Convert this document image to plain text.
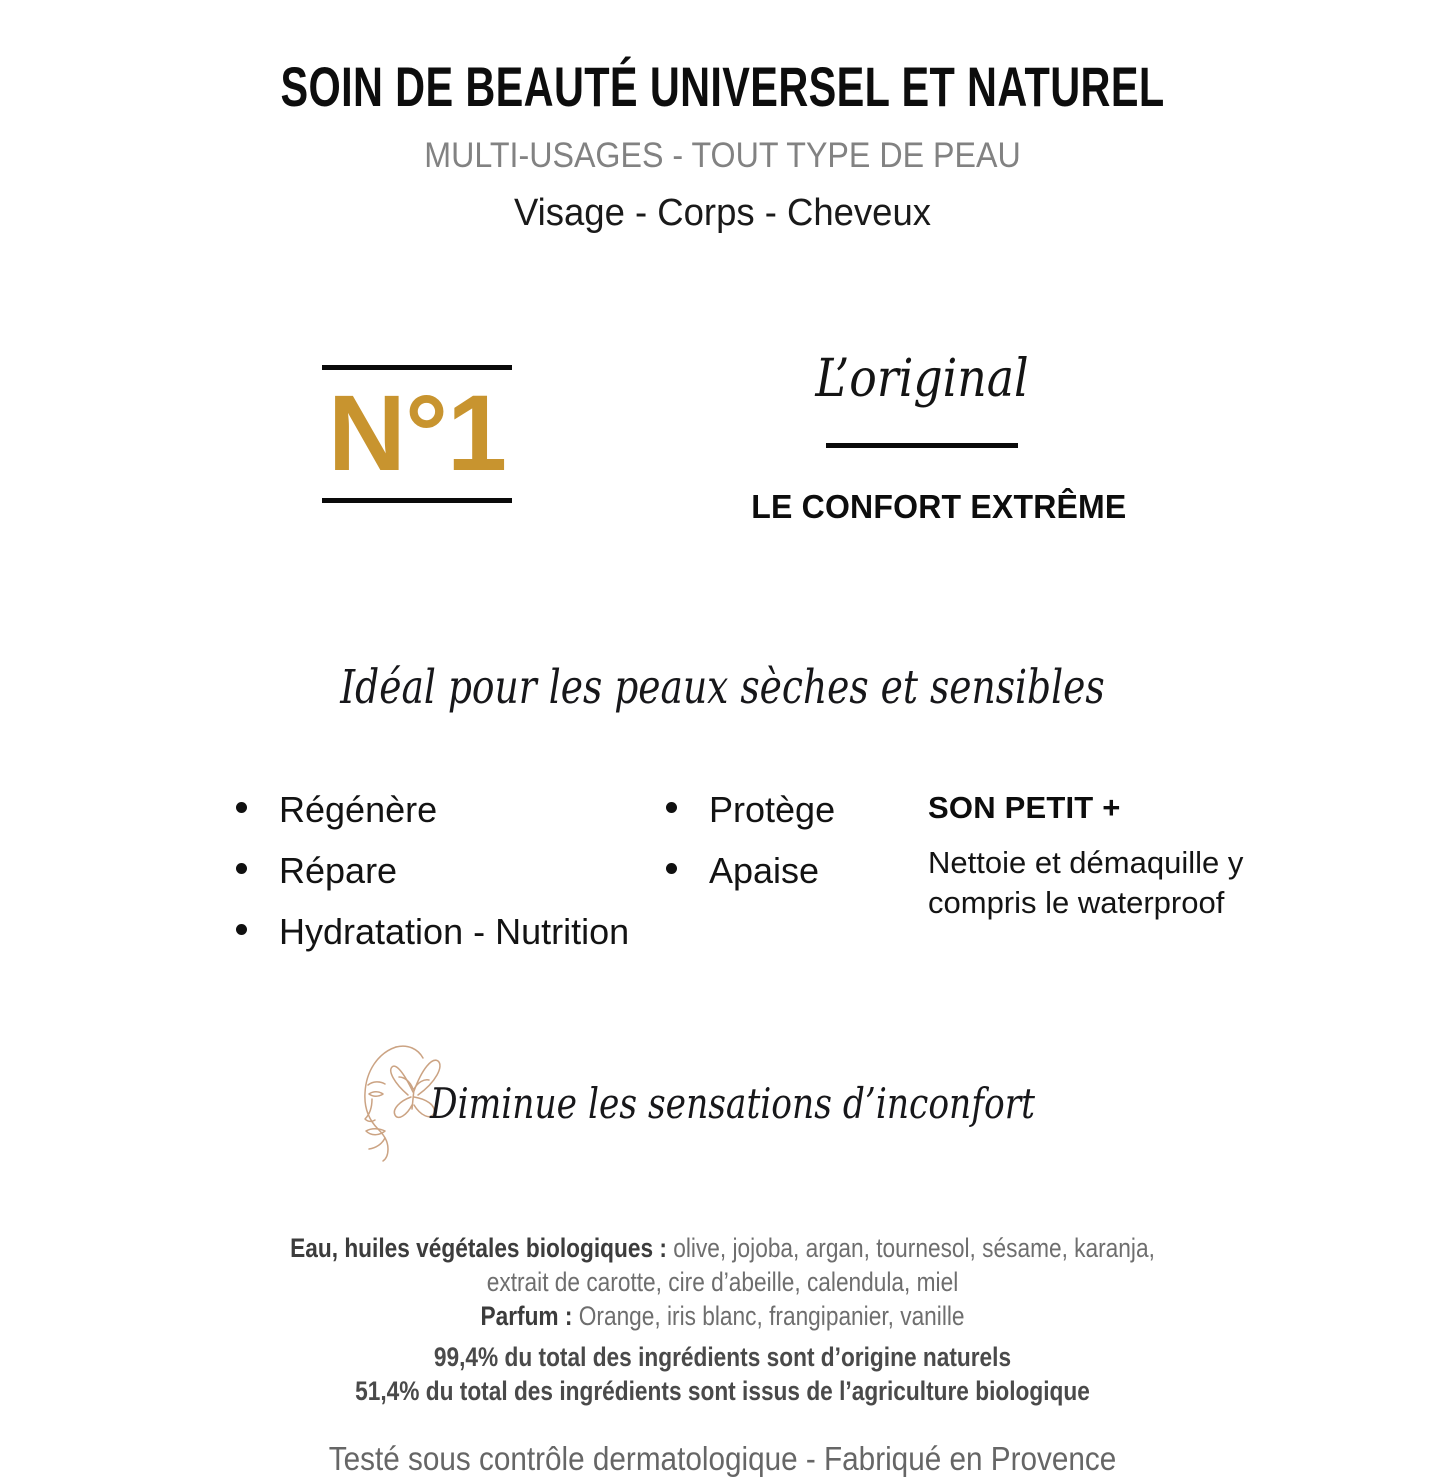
SOIN DE BEAUTÉ UNIVERSEL ET NATUREL
MULTI-USAGES - TOUT TYPE DE PEAU
Visage - Corps - Cheveux
N°1	L’original
LE CONFORT EXTRÊME
Idéal pour les peaux sèches et sensibles
Régénère
Répare
Hydratation - Nutrition
Protège
Apaise
SON PETIT +
Nettoie et démaquille y
compris le waterproof
Diminue les sensations d’inconfort
Eau, huiles végétales biologiques : olive, jojoba, argan, tournesol, sésame, karanja,
extrait de carotte, cire d’abeille, calendula, miel
Parfum : Orange, iris blanc, frangipanier, vanille
99,4% du total des ingrédients sont d’origine naturels
51,4% du total des ingrédients sont issus de l’agriculture biologique
Testé sous contrôle dermatologique - Fabriqué en Provence
